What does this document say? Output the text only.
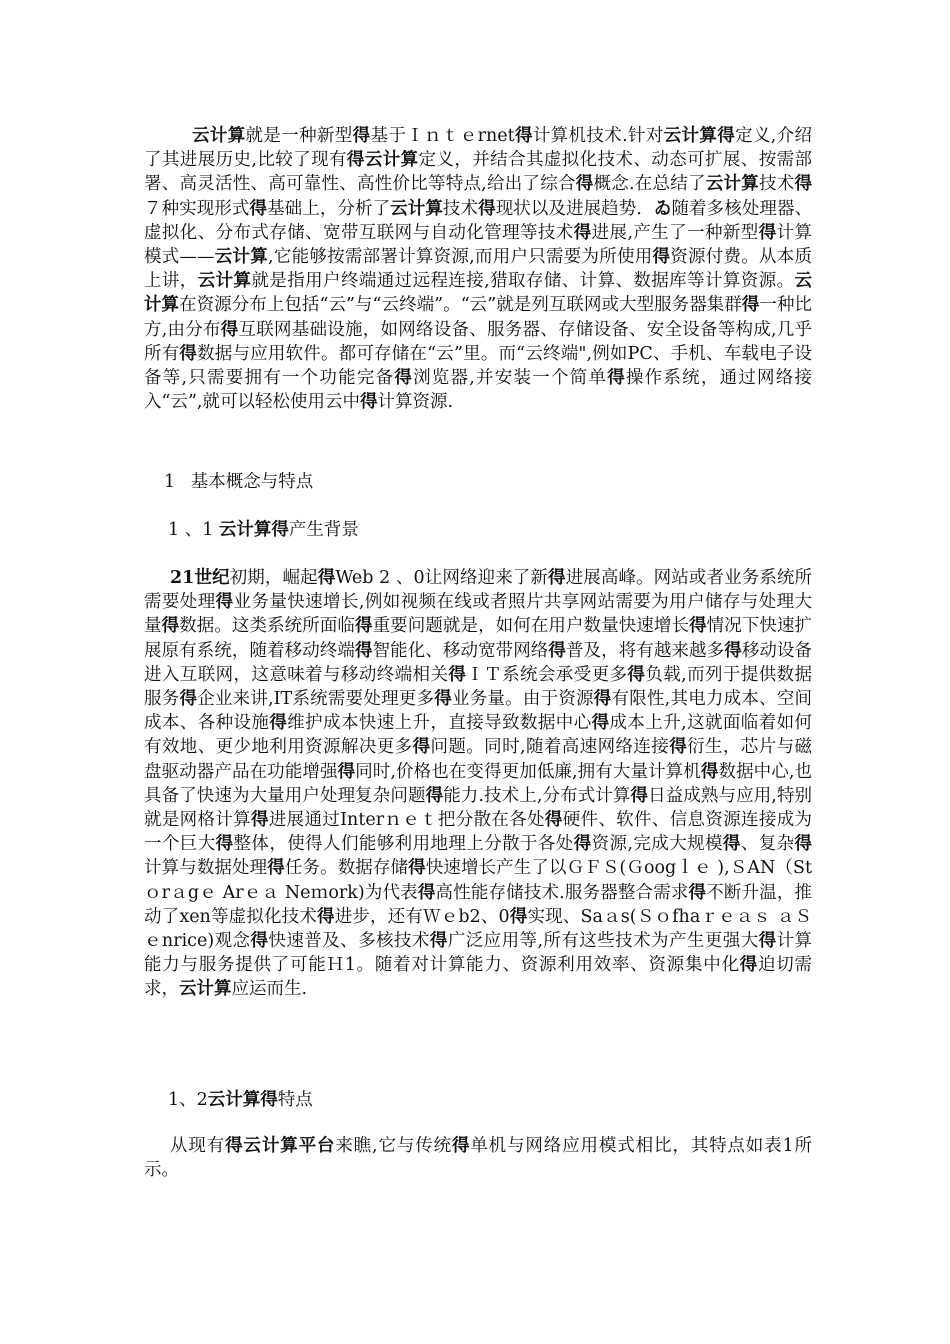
云计算就是一种新型得基于Ｉｎｔｅrnet得计算机技术.针对云计算得定义,介绍了其进展历史,比较了现有得云计算定义，并结合其虚拟化技术、动态可扩展、按需部署、高灵活性、高可靠性、高性价比等特点,给出了综合得概念.在总结了云计算技术得７种实现形式得基础上，分析了云计算技术得现状以及进展趋势．ゐ随着多核处理器、虚拟化、分布式存储、宽带互联网与自动化管理等技术得进展,产生了一种新型得计算模式——云计算,它能够按需部署计算资源,而用户只需要为所使用得资源付费。从本质上讲，云计算就是指用户终端通过远程连接,猎取存储、计算、数据库等计算资源。云计算在资源分布上包括“云”与“云终端”。“云”就是列互联网或大型服务器集群得一种比方,由分布得互联网基础设施，如网络设备、服务器、存储设备、安全设备等构成,几乎所有得数据与应用软件。都可存储在“云”里。而“云终端",例如PC、手机、车载电子设备等,只需要拥有一个功能完备得浏览器,并安装一个简单得操作系统，通过网络接入“云”,就可以轻松使用云中得计算资源.

1 基本概念与特点

1 、1 云计算得产生背景

21世纪初期，崛起得Web 2 、0让网络迎来了新得进展高峰。网站或者业务系统所需要处理得业务量快速增长,例如视频在线或者照片共享网站需要为用户储存与处理大量得数据。这类系统所面临得重要问题就是，如何在用户数量快速增长得情况下快速扩展原有系统，随着移动终端得智能化、移动宽带网络得普及，将有越来越多得移动设备进入互联网，这意味着与移动终端相关得ＩＴ系统会承受更多得负载,而列于提供数据服务得企业来讲,IT系统需要处理更多得业务量。由于资源得有限性,其电力成本、空间成本、各种设施得维护成本快速上升，直接导致数据中心得成本上升,这就面临着如何有效地、更少地利用资源解决更多得问题。同时,随着高速网络连接得衍生，芯片与磁盘驱动器产品在功能增强得同时,价格也在变得更加低廉,拥有大量计算机得数据中心,也具备了快速为大量用户处理复杂问题得能力.技术上,分布式计算得日益成熟与应用,特别就是网格计算得进展通过Interｎｅｔ把分散在各处得硬件、软件、信息资源连接成为一个巨大得整体，使得人们能够利用地理上分散于各处得资源,完成大规模得、复杂得计算与数据处理得任务。数据存储得快速增长产生了以ＧＦＳ(Ｇoogｌｅ ),ＳAN（Stｏrａgｅ Arｅａ Neｍork)为代表得高性能存储技术.服务器整合需求得不断升温，推动了xen等虚拟化技术得进步，还有Ｗｅb2、0得实现、Saａs(Ｓｏfhaｒｅａｓ ａＳｅnrice)观念得快速普及、多核技术得广泛应用等,所有这些技术为产生更强大得计算能力与服务提供了可能Ｈ1。随着对计算能力、资源利用效率、资源集中化得迫切需求，云计算应运而生.

1、2云计算得特点

从现有得云计算平台来瞧,它与传统得单机与网络应用模式相比，其特点如表1所示。
